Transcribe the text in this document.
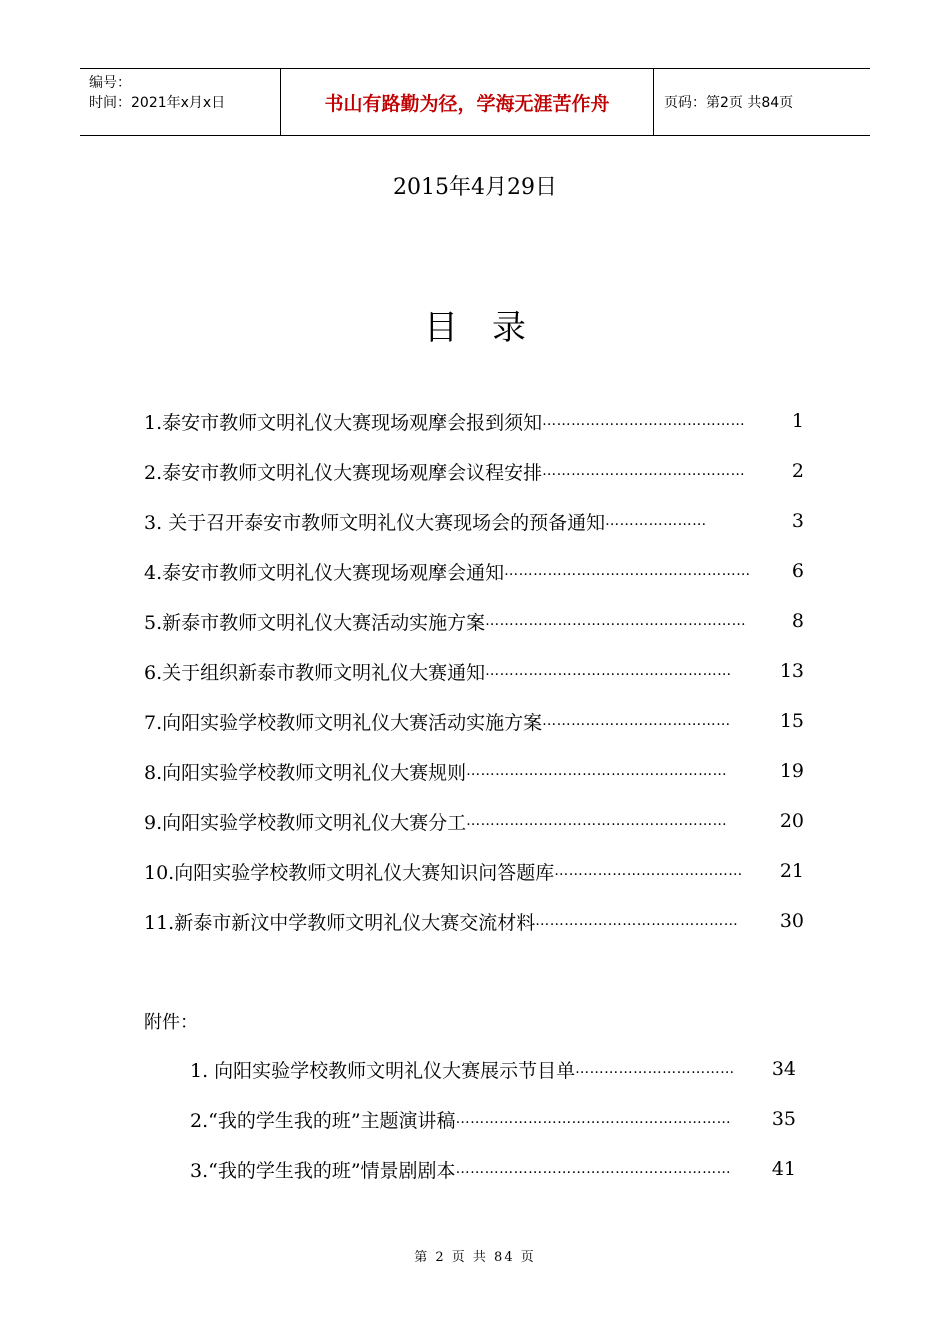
编号：
时间：2021年x月x日	书山有路勤为径，学海无涯苦作舟	页码：第2页 共84页
2015年4月29日
目录
1.泰安市教师文明礼仪大赛现场观摩会报到须知 ……………………………………	1
2.泰安市教师文明礼仪大赛现场观摩会议程安排 ……………………………………	2
3. 关于召开泰安市教师文明礼仪大赛现场会的预备通知 …………………	3
4.泰安市教师文明礼仪大赛现场观摩会通知 ……………………………………………	6
5.新泰市教师文明礼仪大赛活动实施方案 ………………………………………………	8
6.关于组织新泰市教师文明礼仪大赛通知 ……………………………………………	13
7.向阳实验学校教师文明礼仪大赛活动实施方案 …………………………………	15
8.向阳实验学校教师文明礼仪大赛规则 ………………………………………………	19
9.向阳实验学校教师文明礼仪大赛分工 ………………………………………………	20
10.向阳实验学校教师文明礼仪大赛知识问答题库 …………………………………	21
11.新泰市新汶中学教师文明礼仪大赛交流材料 ……………………………………	30
附件：
1. 向阳实验学校教师文明礼仪大赛展示节目单 ……………………………	34
2.“我的学生我的班”主题演讲稿 …………………………………………………	35
3.“我的学生我的班”情景剧剧本 …………………………………………………	41
第 2 页 共 84 页
